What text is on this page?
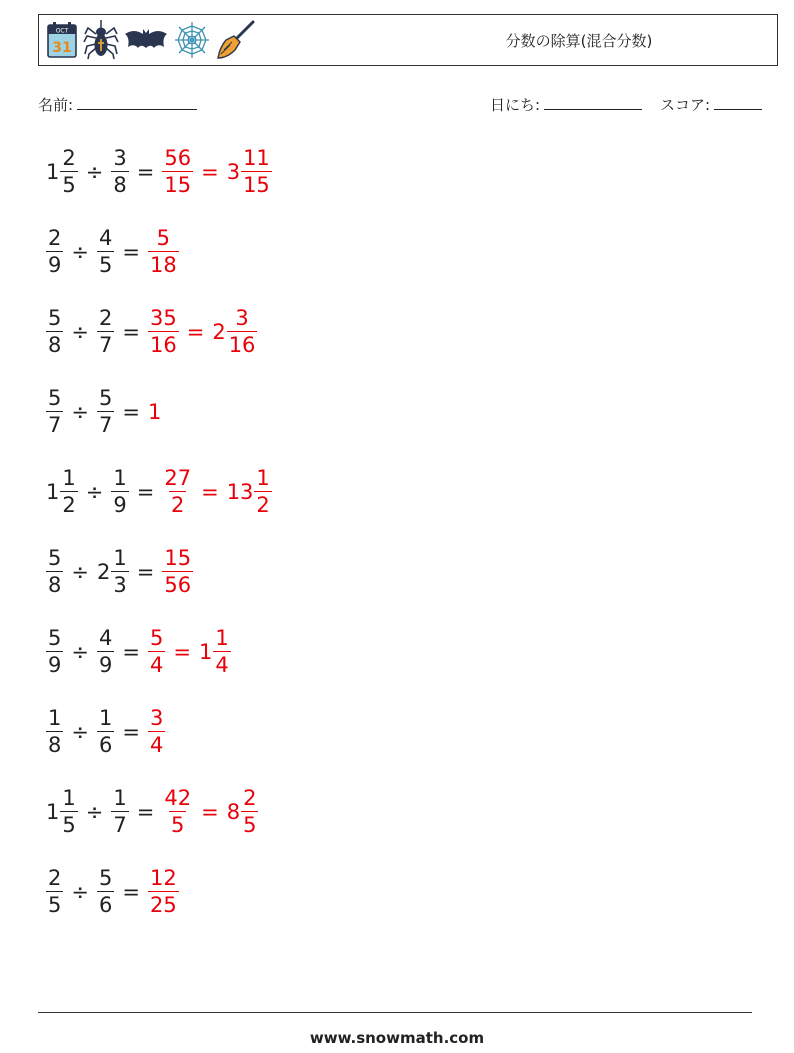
OCT
31	分数の除算(混合分数)
名前:	日にち:	スコア:
$1 \frac{2}{5} \div \frac{3}{8} = \frac{56}{15} = 3 \frac{11}{15}$
$\frac{2}{9} \div \frac{4}{5} = \frac{5}{18}$
$\frac{5}{8} \div \frac{2}{7} = \frac{35}{16} = 2 \frac{3}{16}$
$\frac{5}{7} \div \frac{5}{7} = 1$
$1 \frac{1}{2} \div \frac{1}{9} = \frac{27}{2} = 13 \frac{1}{2}$
$\frac{5}{8} \div 2 \frac{1}{3} = \frac{15}{56}$
$\frac{5}{9} \div \frac{4}{9} = \frac{5}{4} = 1 \frac{1}{4}$
$\frac{1}{8} \div \frac{1}{6} = \frac{3}{4}$
$1 \frac{1}{5} \div \frac{1}{7} = \frac{42}{5} = 8 \frac{2}{5}$
$\frac{2}{5} \div \frac{5}{6} = \frac{12}{25}$
www.snowmath.com
